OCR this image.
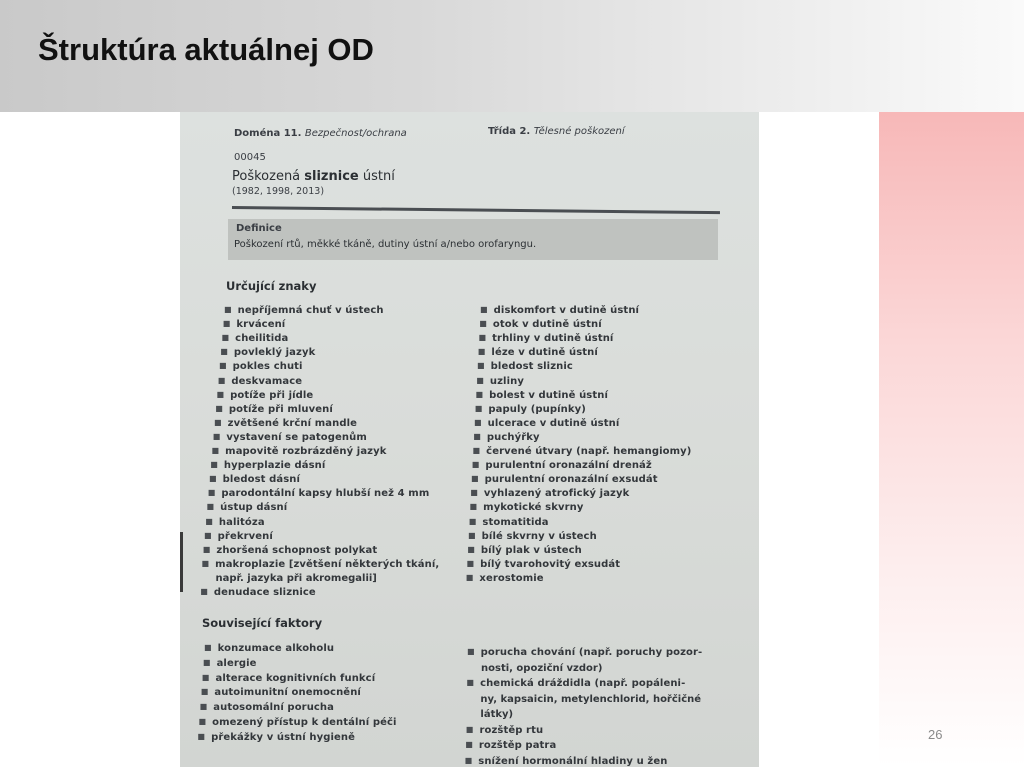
Štruktúra aktuálnej OD
Doména 11. Bezpečnost/ochrana	Třída 2. Tělesné poškození
00045
Poškozená sliznice ústní
(1982, 1998, 2013)
Definice
Poškození rtů, měkké tkáně, dutiny ústní a/nebo orofaryngu.
Určující znaky
■ nepříjemná chuť v ústech
■ krvácení
■ cheilitida
■ povleklý jazyk
■ pokles chuti
■ deskvamace
■ potíže při jídle
■ potíže při mluvení
■ zvětšené krční mandle
■ vystavení se patogenům
■ mapovitě rozbrázděný jazyk
■ hyperplazie dásní
■ bledost dásní
■ parodontální kapsy hlubší než 4 mm
■ ústup dásní
■ halitóza
■ překrvení
■ zhoršená schopnost polykat
■ makroplazie [zvětšení některých tkání,
např. jazyka při akromegalii]
■ denudace sliznice
■ diskomfort v dutině ústní
■ otok v dutině ústní
■ trhliny v dutině ústní
■ léze v dutině ústní
■ bledost sliznic
■ uzliny
■ bolest v dutině ústní
■ papuly (pupínky)
■ ulcerace v dutině ústní
■ puchýřky
■ červené útvary (např. hemangiomy)
■ purulentní oronazální drenáž
■ purulentní oronazální exsudát
■ vyhlazený atrofický jazyk
■ mykotické skvrny
■ stomatitida
■ bílé skvrny v ústech
■ bílý plak v ústech
■ bílý tvarohovitý exsudát
■ xerostomie
Související faktory
■ konzumace alkoholu
■ alergie
■ alterace kognitivních funkcí
■ autoimunitní onemocnění
■ autosomální porucha
■ omezený přístup k dentální péči
■ překážky v ústní hygieně
■ porucha chování (např. poruchy pozor-
nosti, opoziční vzdor)
■ chemická dráždidla (např. popáleni-
ny, kapsaicin, metylenchlorid, hořčičné
látky)
■ rozštěp rtu
■ rozštěp patra
■ snížení hormonální hladiny u žen
26
